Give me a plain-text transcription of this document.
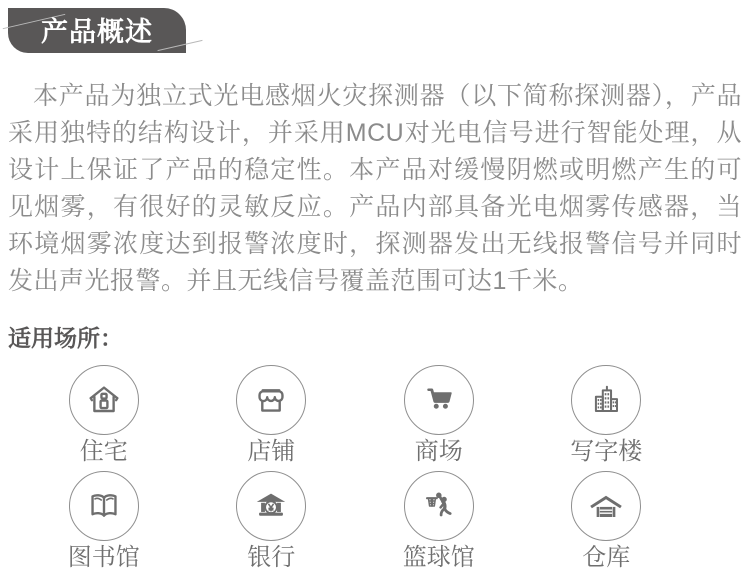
产品概述

本产品为独立式光电感烟火灾探测器（以下简称探测器），产品采用独特的结构设计，并采用MCU对光电信号进行智能处理，从设计上保证了产品的稳定性。本产品对缓慢阴燃或明燃产生的可见烟雾，有很好的灵敏反应。产品内部具备光电烟雾传感器，当环境烟雾浓度达到报警浓度时，探测器发出无线报警信号并同时发出声光报警。并且无线信号覆盖范围可达1千米。

适用场所：
住宅	店铺	商场	写字楼
图书馆	银行	篮球馆	仓库
